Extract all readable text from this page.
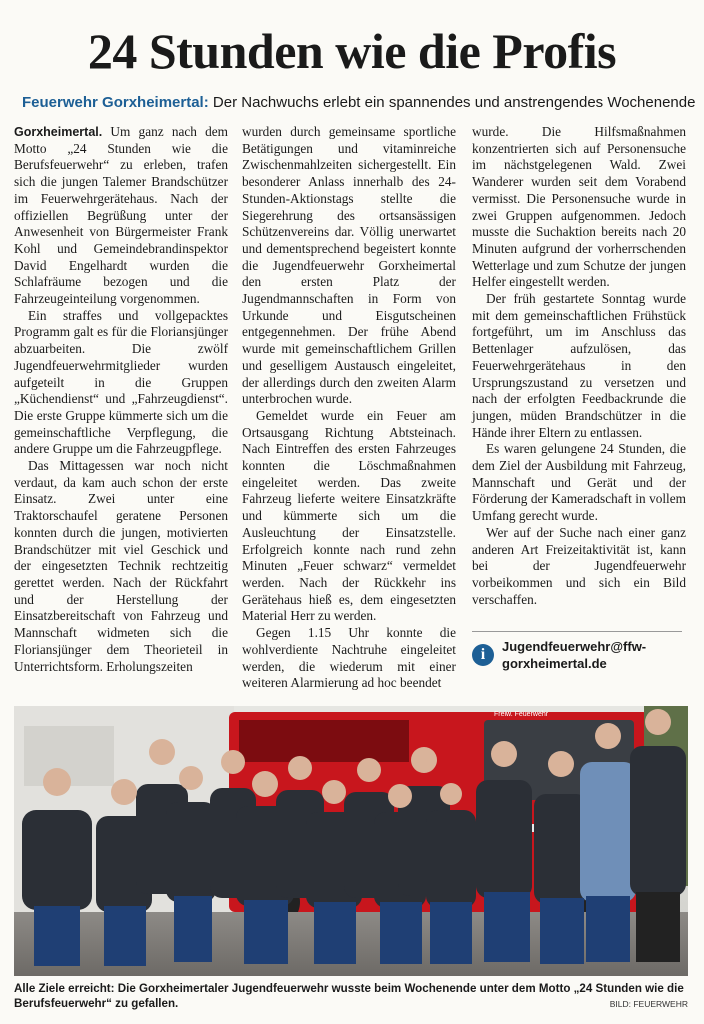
24 Stunden wie die Profis
Feuerwehr Gorxheimertal: Der Nachwuchs erlebt ein spannendes und anstrengendes Wochenende

Gorxheimertal. Um ganz nach dem Motto „24 Stunden wie die Berufsfeuerwehr“ zu erleben, trafen sich die jungen Talemer Brandschützer im Feuerwehrgerätehaus. Nach der offiziellen Begrüßung unter der Anwesenheit von Bürgermeister Frank Kohl und Gemeindebrandinspektor David Engelhardt wurden die Schlafräume bezogen und die Fahrzeugeinteilung vorgenommen.

Ein straffes und vollgepacktes Programm galt es für die Floriansjünger abzuarbeiten. Die zwölf Jugendfeuerwehrmitglieder wurden aufgeteilt in die Gruppen „Küchendienst“ und „Fahrzeugdienst“. Die erste Gruppe kümmerte sich um die gemeinschaftliche Verpflegung, die andere Gruppe um die Fahrzeugpflege.

Das Mittagessen war noch nicht verdaut, da kam auch schon der erste Einsatz. Zwei unter eine Traktorschaufel geratene Personen konnten durch die jungen, motivierten Brandschützer mit viel Geschick und der eingesetzten Technik rechtzeitig gerettet werden. Nach der Rückfahrt und der Herstellung der Einsatzbereitschaft von Fahrzeug und Mannschaft widmeten sich die Floriansjünger dem Theorieteil in Unterrichtsform. Erholungszeiten

wurden durch gemeinsame sportliche Betätigungen und vitaminreiche Zwischenmahlzeiten sichergestellt. Ein besonderer Anlass innerhalb des 24-Stunden-Aktionstags stellte die Siegerehrung des ortsansässigen Schützenvereins dar. Völlig unerwartet und dementsprechend begeistert konnte die Jugendfeuerwehr Gorxheimertal den ersten Platz der Jugendmannschaften in Form von Urkunde und Eisgutscheinen entgegennehmen. Der frühe Abend wurde mit gemeinschaftlichem Grillen und geselligem Austausch eingeleitet, der allerdings durch den zweiten Alarm unterbrochen wurde.

Gemeldet wurde ein Feuer am Ortsausgang Richtung Abtsteinach. Nach Eintreffen des ersten Fahrzeuges konnten die Löschmaßnahmen eingeleitet werden. Das zweite Fahrzeug lieferte weitere Einsatzkräfte und kümmerte sich um die Ausleuchtung der Einsatzstelle. Erfolgreich konnte nach rund zehn Minuten „Feuer schwarz“ vermeldet werden. Nach der Rückkehr ins Gerätehaus hieß es, dem eingesetzten Material Herr zu werden.

Gegen 1.15 Uhr konnte die wohlverdiente Nachtruhe eingeleitet werden, die wiederum mit einer weiteren Alarmierung ad hoc beendet

wurde. Die Hilfsmaßnahmen konzentrierten sich auf Personensuche im nächstgelegenen Wald. Zwei Wanderer wurden seit dem Vorabend vermisst. Die Personensuche wurde in zwei Gruppen aufgenommen. Jedoch musste die Suchaktion bereits nach 20 Minuten aufgrund der vorherrschenden Wetterlage und zum Schutze der jungen Helfer eingestellt werden.

Der früh gestartete Sonntag wurde mit dem gemeinschaftlichen Frühstück fortgeführt, um im Anschluss das Bettenlager aufzulösen, das Feuerwehrgerätehaus in den Ursprungszustand zu versetzen und nach der erfolgten Feedbackrunde die jungen, müden Brandschützer in die Hände ihrer Eltern zu entlassen.

Es waren gelungene 24 Stunden, die dem Ziel der Ausbildung mit Fahrzeug, Mannschaft und Gerät und der Förderung der Kameradschaft in vollem Umfang gerecht wurde.

Wer auf der Suche nach einer ganz anderen Art Freizeitaktivität ist, kann bei der Jugendfeuerwehr vorbeikommen und sich ein Bild verschaffen.

i	Jugendfeuerwehr@ffw-gorxheimertal.de
Freiw. Feuerwehr
Alle Ziele erreicht: Die Gorxheimertaler Jugendfeuerwehr wusste beim Wochenende unter dem Motto „24 Stunden wie die Berufsfeuerwehr“ zu gefallen.	BILD: FEUERWEHR
